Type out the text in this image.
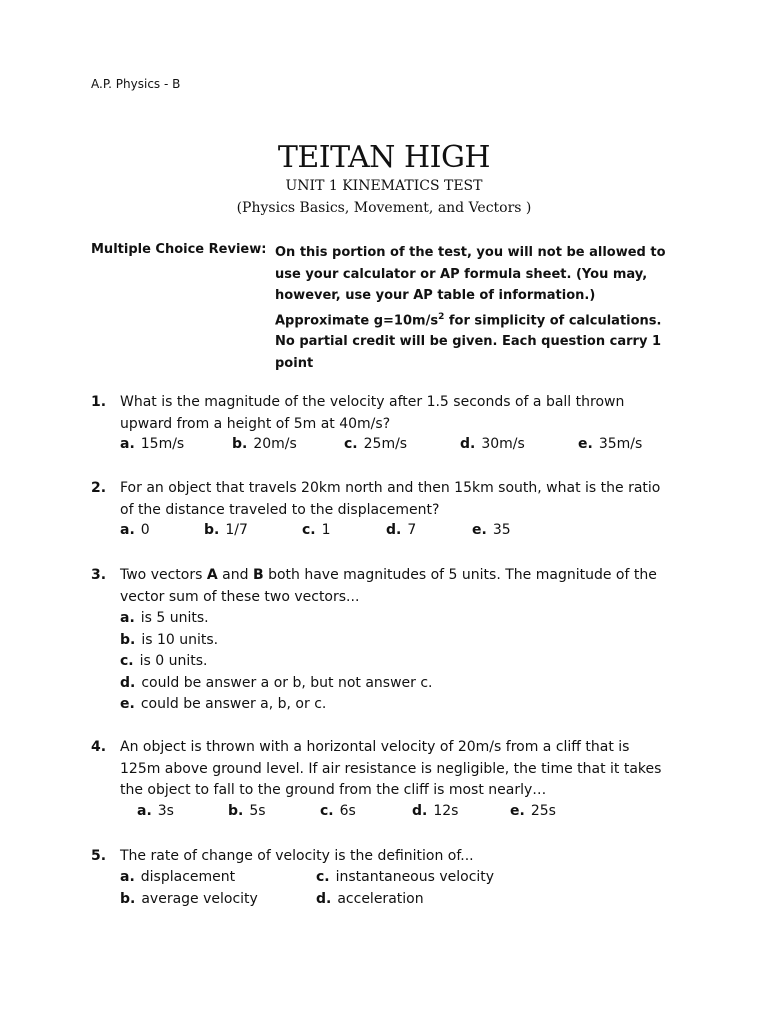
A.P. Physics - B
TEITAN HIGH
UNIT 1 KINEMATICS TEST
(Physics Basics, Movement, and Vectors )
Multiple Choice Review: On this portion of the test, you will not be allowed to
use your calculator or AP formula sheet. (You may,
however, use your AP table of information.)
Approximate $g=10m/s^2$ for simplicity of calculations.
No partial credit will be given. Each question carry 1
point
1. What is the magnitude of the velocity after 1.5 seconds of a ball thrown
upward from a height of 5m at 40m/s?
a. 15m/s	b. 20m/s	c. 25m/s	d. 30m/s	e. 35m/s
2. For an object that travels 20km north and then 15km south, what is the ratio
of the distance traveled to the displacement?
a. 0	b. 1/7	c. 1	d. 7	e. 35
3. Two vectors A and B both have magnitudes of 5 units. The magnitude of the
vector sum of these two vectors...
a. is 5 units.
b. is 10 units.
c. is 0 units.
d. could be answer a or b, but not answer c.
e. could be answer a, b, or c.
4. An object is thrown with a horizontal velocity of 20m/s from a cliff that is
125m above ground level. If air resistance is negligible, the time that it takes
the object to fall to the ground from the cliff is most nearly…
a. 3s	b. 5s	c. 6s	d. 12s	e. 25s
5. The rate of change of velocity is the definition of...
a. displacement	c. instantaneous velocity
b. average velocity	d. acceleration
